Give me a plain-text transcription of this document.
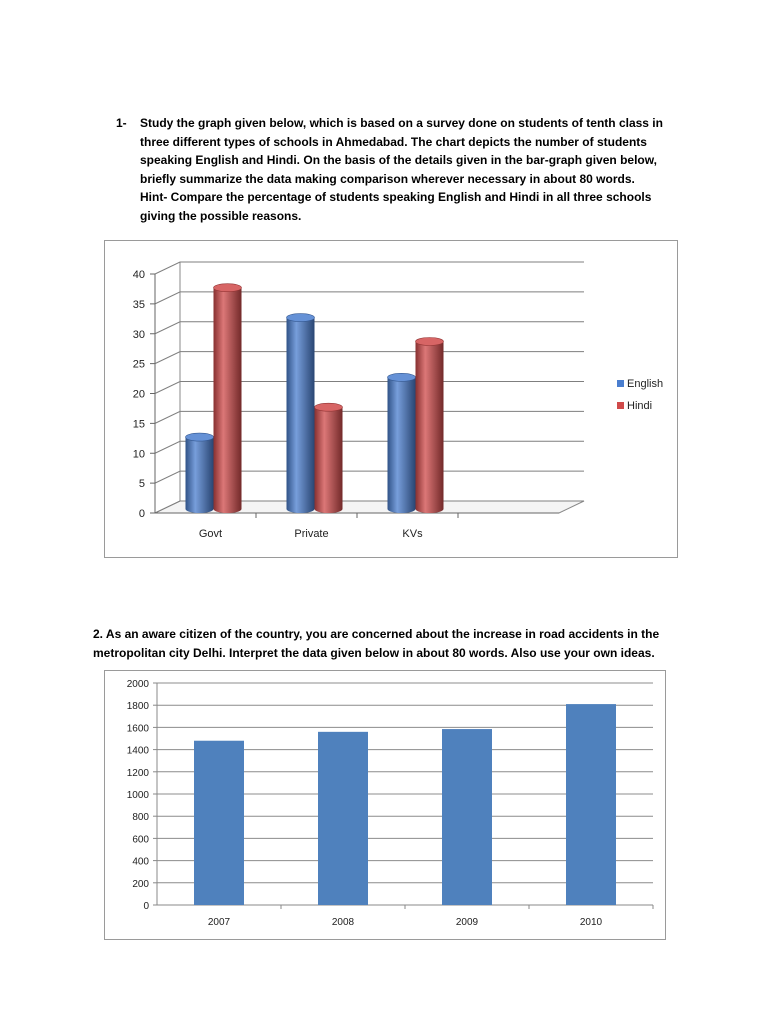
1- Study the graph given below, which is based on a survey done on students of tenth class in

three different types of schools in Ahmedabad. The chart depicts the number of students

speaking English and Hindi. On the basis of the details given in the bar-graph given below,

briefly summarize the data making comparison wherever necessary in about 80 words.

Hint- Compare the percentage of students speaking English and Hindi in all three schools

giving the possible reasons.

0
5
10
15
20
25
30
35
40
Govt	Private	KVs
English
Hindi

2. As an aware citizen of the country, you are concerned about the increase in road accidents in the

metropolitan city Delhi. Interpret the data given below in about 80 words. Also use your own ideas.

0
200
400
600
800
1000
1200
1400
1600
1800
2000
2007	2008	2009	2010
